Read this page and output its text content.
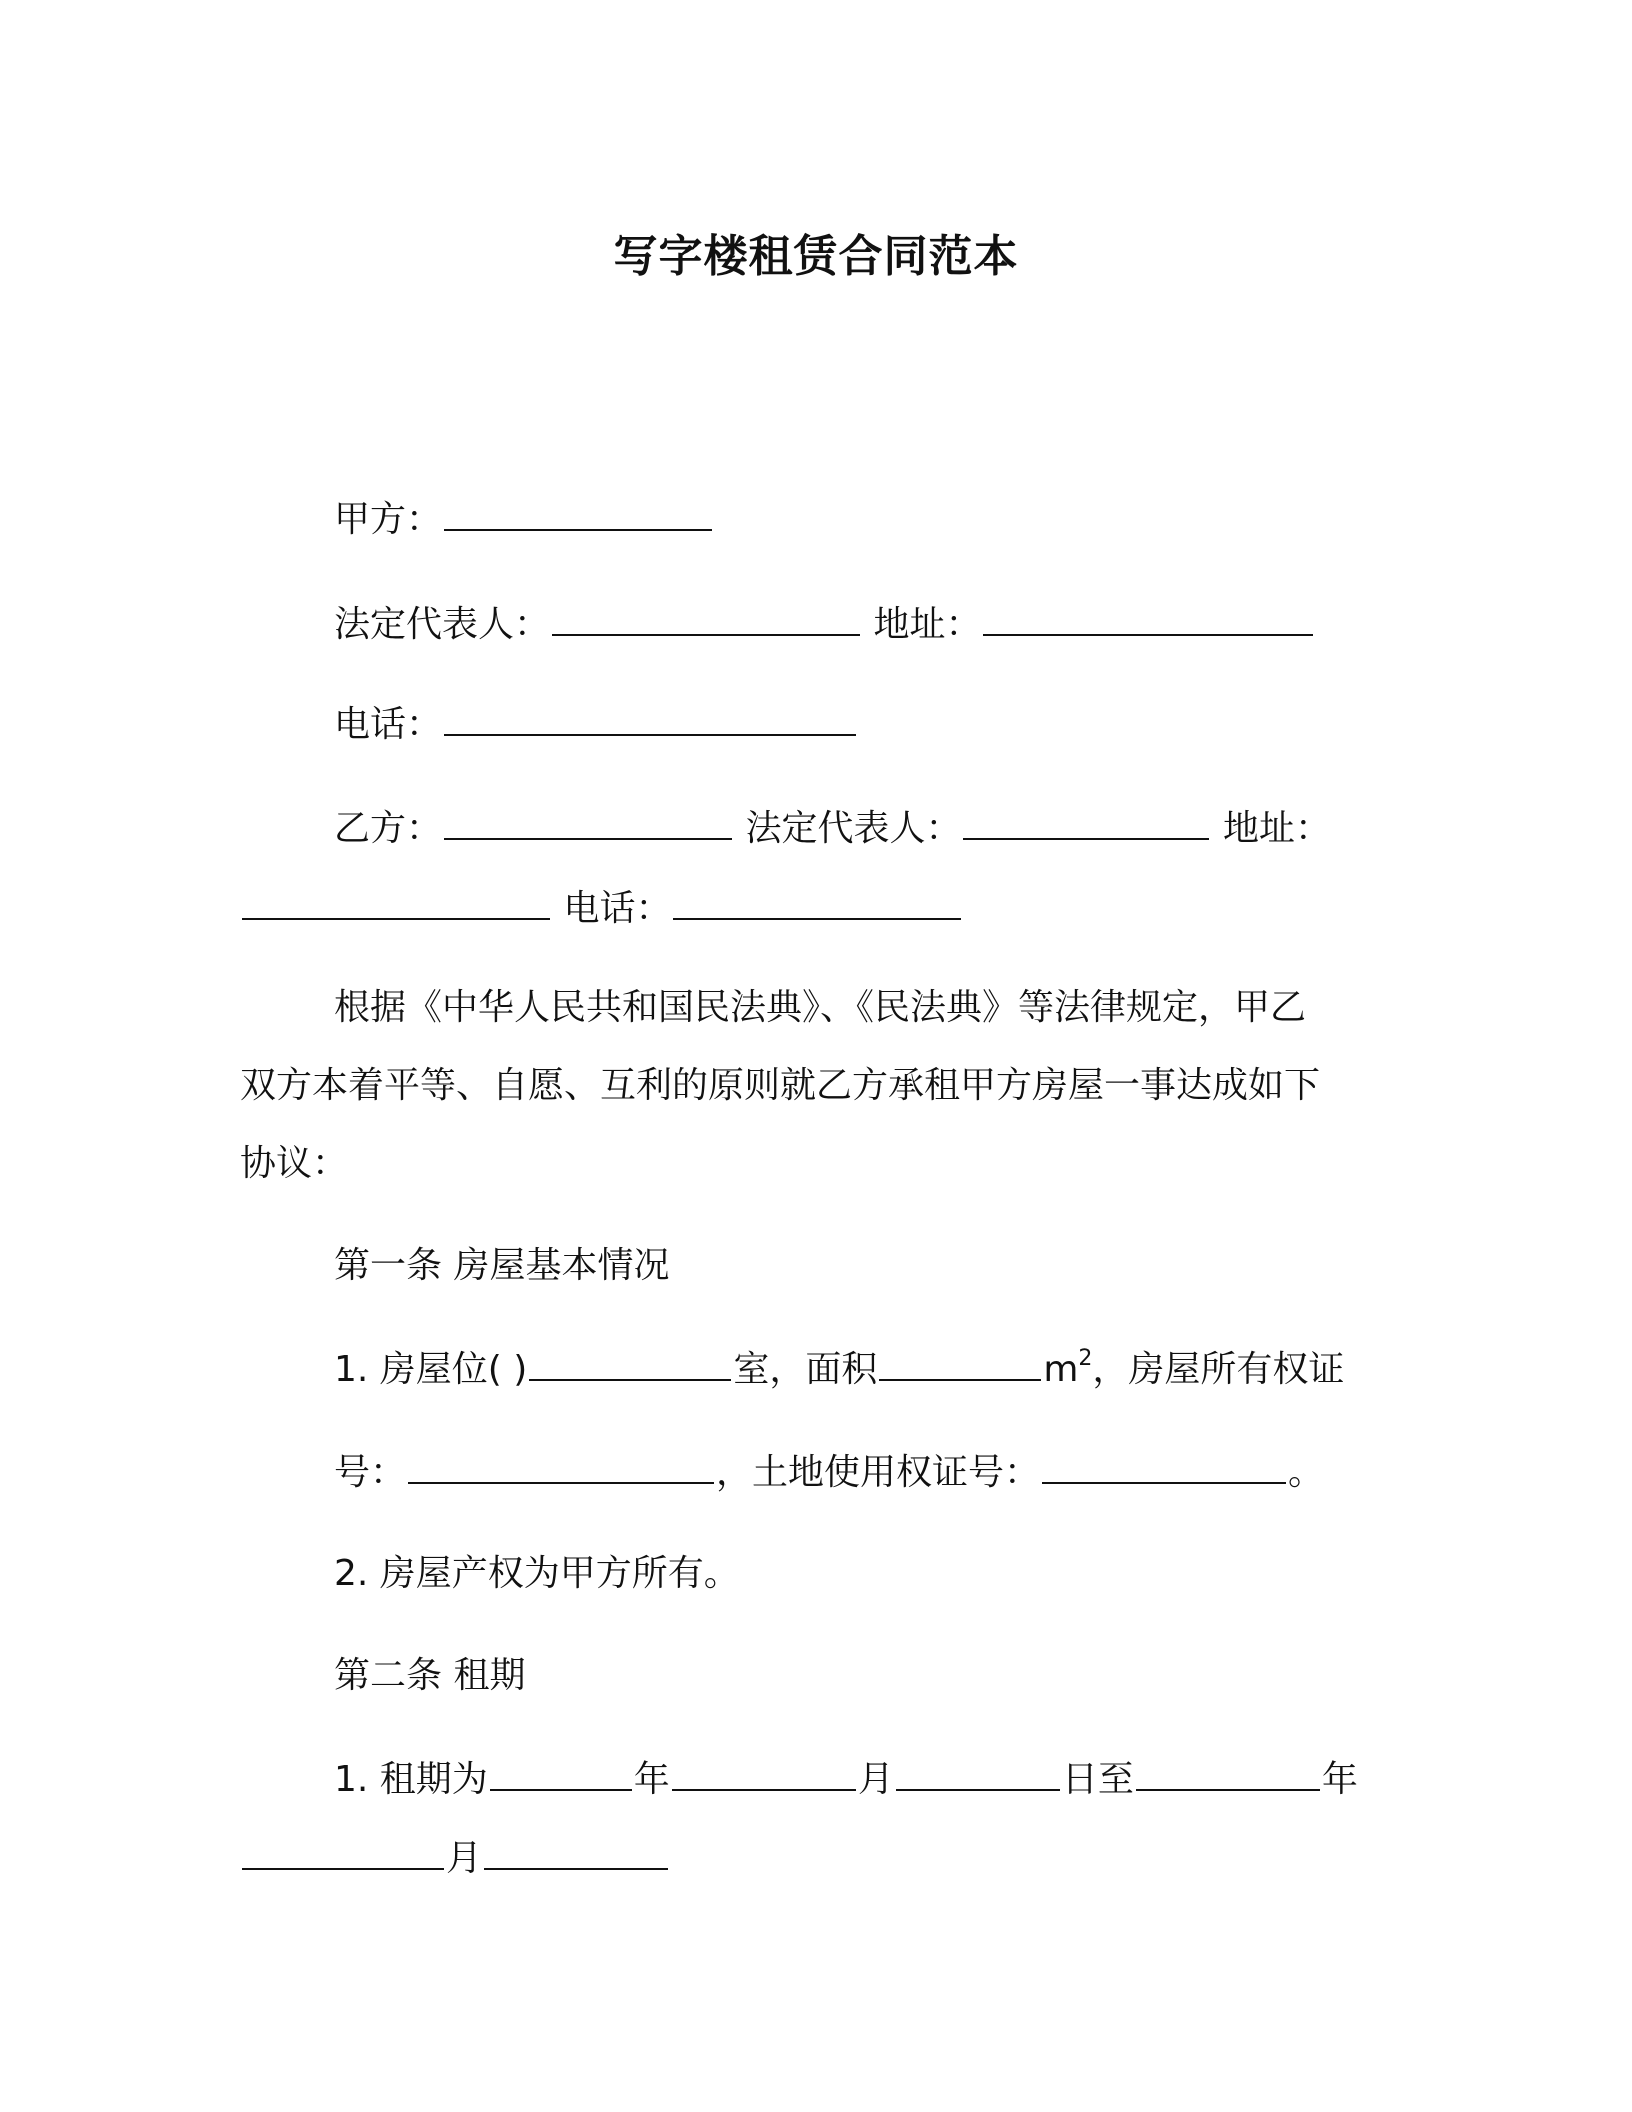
写字楼租赁合同范本
甲方：
法定代表人：	地址：
电话：
乙方：	法定代表人：	地址：
电话：
根据《中华人民共和国民法典》、《民法典》等法律规定，甲乙
双方本着平等、自愿、互利的原则就乙方承租甲方房屋一事达成如下
协议：
第一条 房屋基本情况
1. 房屋位( )	室，面积	$m^2$，房屋所有权证
号：	，土地使用权证号：	。
2. 房屋产权为甲方所有。
第二条 租期
1. 租期为	年	月	日至	年
月
